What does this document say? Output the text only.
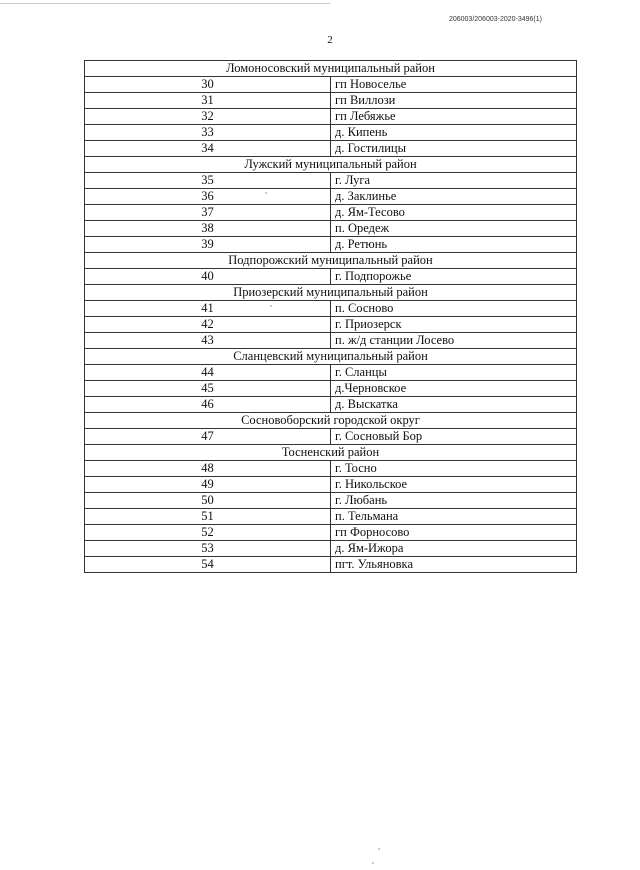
206003/206003-2020-3496(1)
2
Ломоносовский муниципальный район	
30	гп Новоселье
31	гп Виллози
32	гп Лебяжье
33	д. Кипень
34	д. Гостилицы
Лужский муниципальный район	
35	г. Луга
36	д. Заклинье
37	д. Ям-Тесово
38	п. Оредеж
39	д. Ретюнь
Подпорожский муниципальный район	
40	г. Подпорожье
Приозерский муниципальный район	
41	п. Сосново
42	г. Приозерск
43	п. ж/д станции Лосево
Сланцевский муниципальный район	
44	г. Сланцы
45	д.Черновское
46	д. Выскатка
Сосновоборский городской округ	
47	г. Сосновый Бор
Тосненский район	
48	г. Тосно
49	г. Никольское
50	г. Любань
51	п. Тельмана
52	гп Форносово
53	д. Ям-Ижора
54	пгт. Ульяновка
